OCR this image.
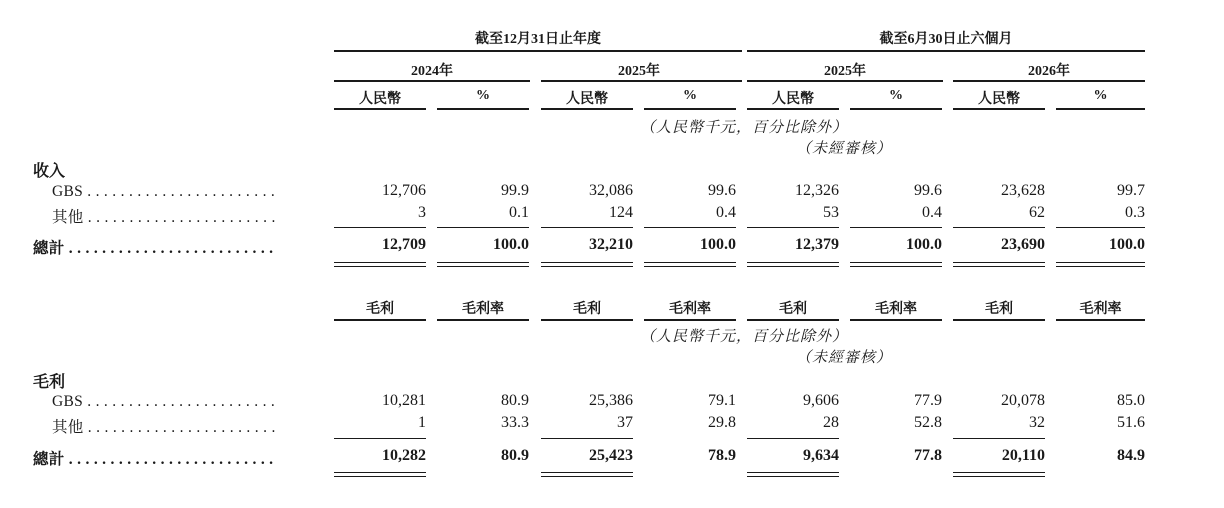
截至12月31日止年度	截至6月30日止六個月
2024年	2025年	2025年	2026年
人民幣	%	人民幣	%	人民幣	%	人民幣	%
（人民幣千元，百分比除外）
（未經審核）
收入
GBS . . . . . . . . . . . . . . . . . . . . . . .	12,706	99.9	32,086	99.6	12,326	99.6	23,628	99.7
其他 . . . . . . . . . . . . . . . . . . . . . . .	3	0.1	124	0.4	53	0.4	62	0.3
總計 . . . . . . . . . . . . . . . . . . . . . . . . .	12,709	100.0	32,210	100.0	12,379	100.0	23,690	100.0
毛利	毛利率	毛利	毛利率	毛利	毛利率	毛利	毛利率
（人民幣千元，百分比除外）
（未經審核）
毛利
GBS . . . . . . . . . . . . . . . . . . . . . . .	10,281	80.9	25,386	79.1	9,606	77.9	20,078	85.0
其他 . . . . . . . . . . . . . . . . . . . . . . .	1	33.3	37	29.8	28	52.8	32	51.6
總計 . . . . . . . . . . . . . . . . . . . . . . . . .	10,282	80.9	25,423	78.9	9,634	77.8	20,110	84.9
